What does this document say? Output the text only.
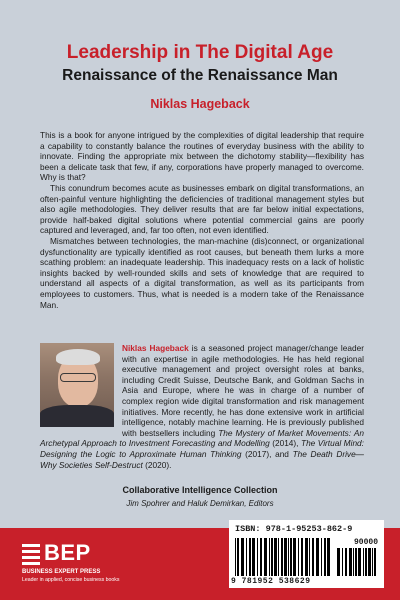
Leadership in The Digital Age
Renaissance of the Renaissance Man
Niklas Hageback

This is a book for anyone intrigued by the complexities of digital leadership that require a capability to constantly balance the routines of everyday business with the ability to innovate. Finding the appropriate mix between the dichotomy stability—flexibility has been a delicate task that few, if any, corporations have properly managed to overcome. Why is that?

This conundrum becomes acute as businesses embark on digital transformations, an often-painful venture highlighting the deficiencies of traditional management styles but also agile methodologies. They deliver results that are far below initial expectations, provide half-baked digital solutions where potential commercial gains are poorly captured and leveraged, and, far too often, not even identified.

Mismatches between technologies, the man-machine (dis)connect, or organizational dysfunctionality are typically identified as root causes, but beneath them lurks a more scathing problem: an inadequate leadership. This inadequacy rests on a lack of holistic insights backed by well-rounded skills and sets of knowledge that are required to understand all aspects of a digital transformation, as well as its participants from employees to customers. Thus, what is needed is a modern take of the Renaissance Man.

Niklas Hageback is a seasoned project manager/change leader with an expertise in agile methodologies. He has held regional executive management and project oversight roles at banks, including Credit Suisse, Deutsche Bank, and Goldman Sachs in Asia and Europe, where he was in charge of a number of complex region wide digital transformation and risk management initiatives. More recently, he has done extensive work in artificial intelligence, notably machine learning. He is previously published with bestsellers including The Mystery of Market Movements: An Archetypal Approach to Investment Forecasting and Modelling (2014), The Virtual Mind: Designing the Logic to Approximate Human Thinking (2017), and The Death Drive—Why Societies Self-Destruct (2020).
Collaborative Intelligence Collection
Jim Spohrer and Haluk Demirkan, Editors
BEP
BUSINESS EXPERT PRESS
Leader in applied, concise business books
ISBN: 978-1-95253-862-9
90000
9 781952 538629
